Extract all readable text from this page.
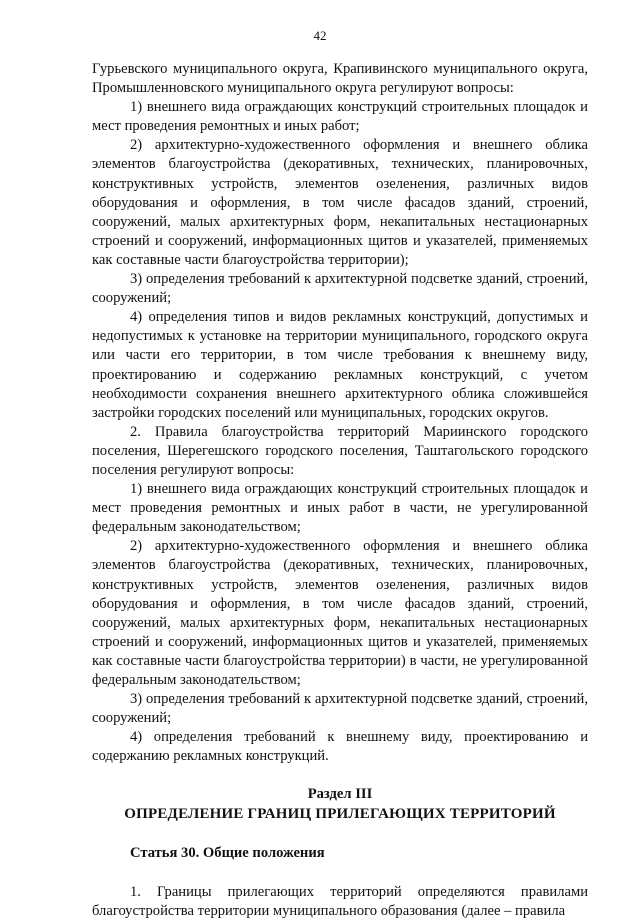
42

Гурьевского муниципального округа, Крапивинского муниципального округа, Промышленновского муниципального округа регулируют вопросы:

1) внешнего вида ограждающих конструкций строительных площадок и мест проведения ремонтных и иных работ;

2) архитектурно-художественного оформления и внешнего облика элементов благоустройства (декоративных, технических, планировочных, конструктивных устройств, элементов озеленения, различных видов оборудования и оформления, в том числе фасадов зданий, строений, сооружений, малых архитектурных форм, некапитальных нестационарных строений и сооружений, информационных щитов и указателей, применяемых как составные части благоустройства территории);

3) определения требований к архитектурной подсветке зданий, строений, сооружений;

4) определения типов и видов рекламных конструкций, допустимых и недопустимых к установке на территории муниципального, городского округа или части его территории, в том числе требования к внешнему виду, проектированию и содержанию рекламных конструкций, с учетом необходимости сохранения внешнего архитектурного облика сложившейся застройки городских поселений или муниципальных, городских округов.

2. Правила благоустройства территорий Мариинского городского поселения, Шерегешского городского поселения, Таштагольского городского поселения регулируют вопросы:

1) внешнего вида ограждающих конструкций строительных площадок и мест проведения ремонтных и иных работ в части, не урегулированной федеральным законодательством;

2) архитектурно-художественного оформления и внешнего облика элементов благоустройства (декоративных, технических, планировочных, конструктивных устройств, элементов озеленения, различных видов оборудования и оформления, в том числе фасадов зданий, строений, сооружений, малых архитектурных форм, некапитальных нестационарных строений и сооружений, информационных щитов и указателей, применяемых как составные части благоустройства территории) в части, не урегулированной федеральным законодательством;

3) определения требований к архитектурной подсветке зданий, строений, сооружений;

4) определения требований к внешнему виду, проектированию и содержанию рекламных конструкций.

Раздел III
ОПРЕДЕЛЕНИЕ ГРАНИЦ ПРИЛЕГАЮЩИХ ТЕРРИТОРИЙ
Статья 30. Общие положения

1. Границы прилегающих территорий определяются правилами благоустройства территории муниципального образования (далее – правила
